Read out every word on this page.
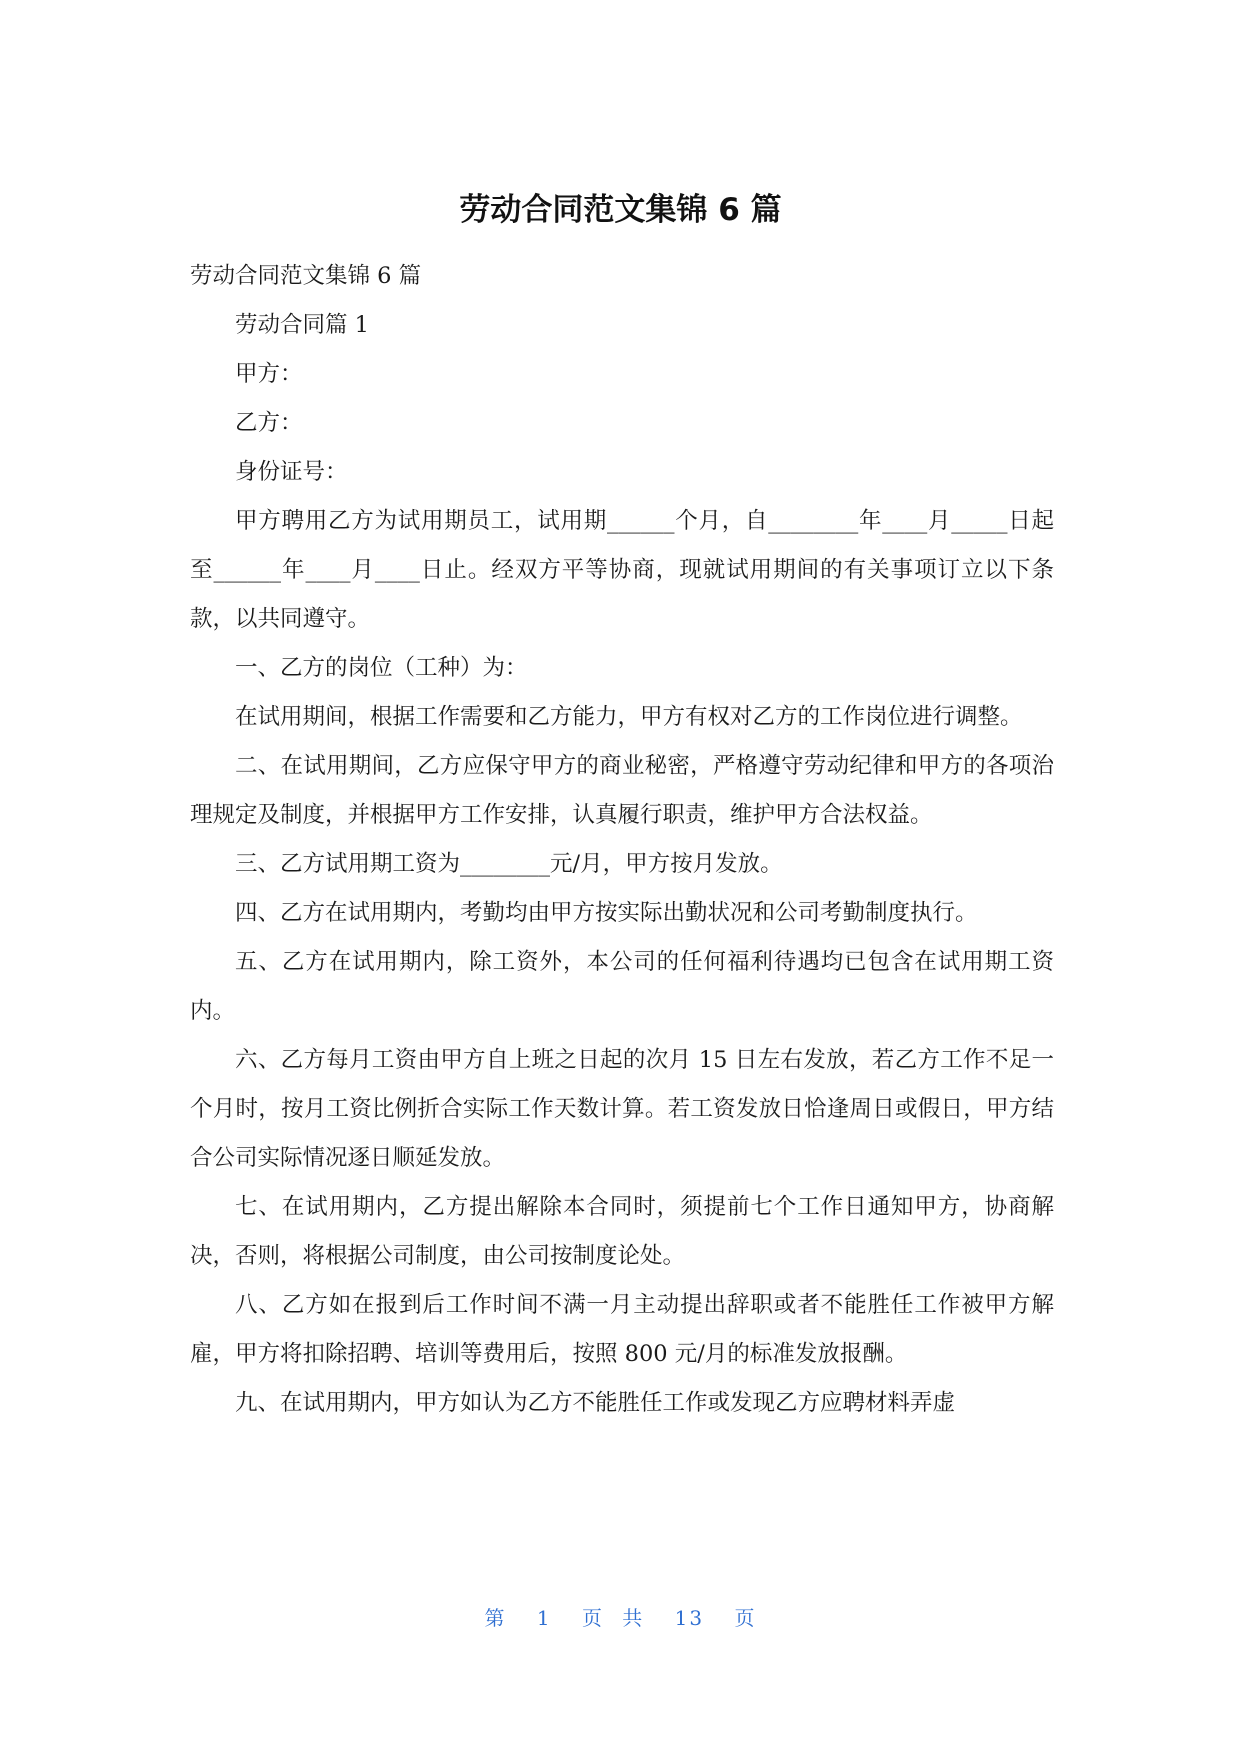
劳动合同范文集锦 6 篇

劳动合同范文集锦 6 篇

劳动合同篇 1

甲方：

乙方：

身份证号：

甲方聘用乙方为试用期员工，试用期______个月，自________年____月_____日起至______年____月____日止。经双方平等协商，现就试用期间的有关事项订立以下条款，以共同遵守。

一、乙方的岗位（工种）为：

在试用期间，根据工作需要和乙方能力，甲方有权对乙方的工作岗位进行调整。

二、在试用期间，乙方应保守甲方的商业秘密，严格遵守劳动纪律和甲方的各项治理规定及制度，并根据甲方工作安排，认真履行职责，维护甲方合法权益。

三、乙方试用期工资为________元/月，甲方按月发放。

四、乙方在试用期内，考勤均由甲方按实际出勤状况和公司考勤制度执行。

五、乙方在试用期内，除工资外，本公司的任何福利待遇均已包含在试用期工资内。

六、乙方每月工资由甲方自上班之日起的次月 15 日左右发放，若乙方工作不足一个月时，按月工资比例折合实际工作天数计算。若工资发放日恰逢周日或假日，甲方结合公司实际情况逐日顺延发放。

七、在试用期内，乙方提出解除本合同时，须提前七个工作日通知甲方，协商解决，否则，将根据公司制度，由公司按制度论处。

八、乙方如在报到后工作时间不满一月主动提出辞职或者不能胜任工作被甲方解雇，甲方将扣除招聘、培训等费用后，按照 800 元/月的标准发放报酬。

九、在试用期内，甲方如认为乙方不能胜任工作或发现乙方应聘材料弄虚

第 1 页 共 13 页
